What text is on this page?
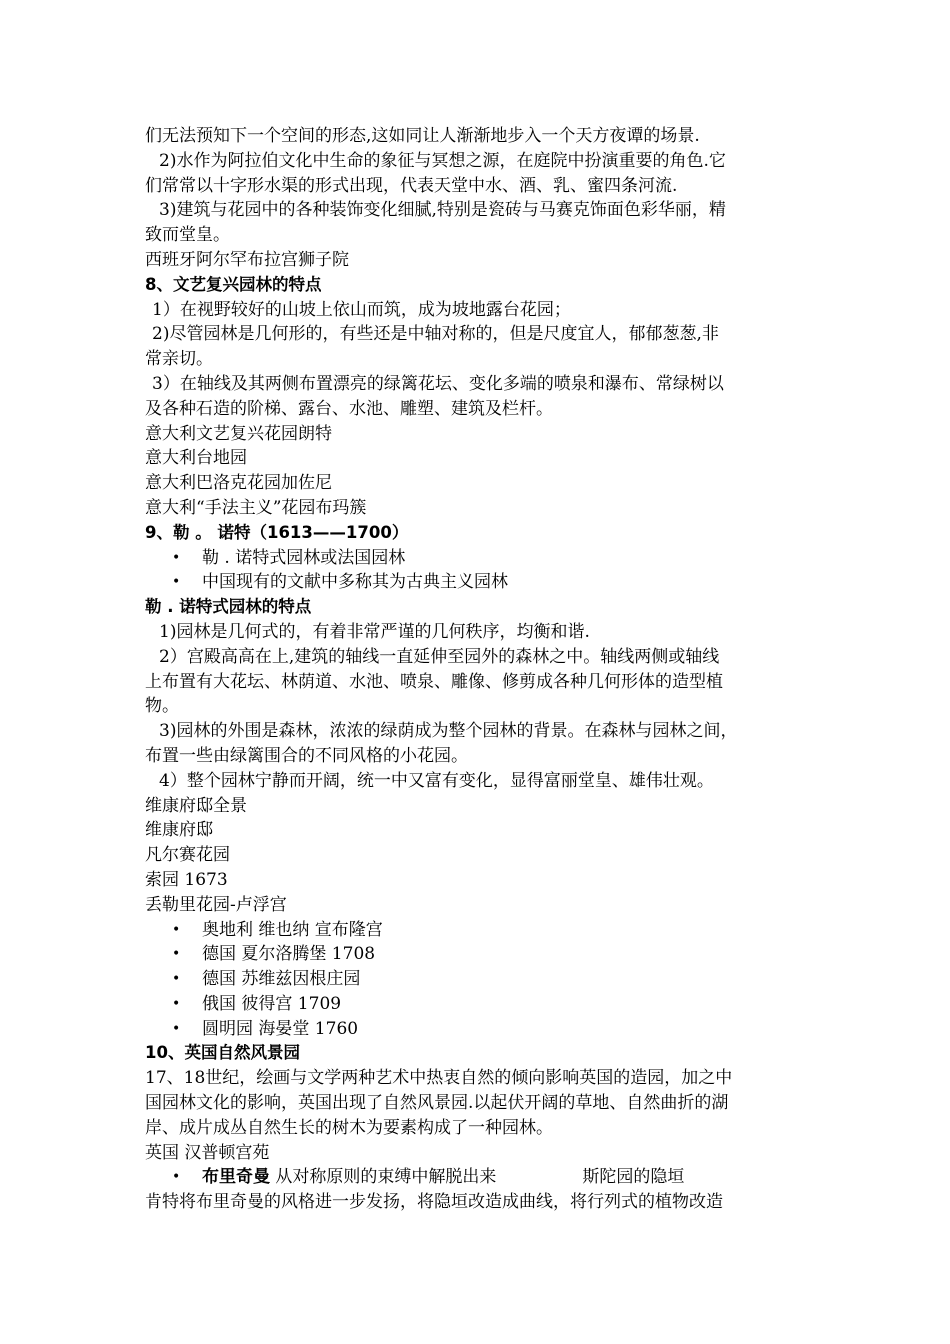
们无法预知下一个空间的形态,这如同让人渐渐地步入一个天方夜谭的场景.
2)水作为阿拉伯文化中生命的象征与冥想之源，在庭院中扮演重要的角色.它
们常常以十字形水渠的形式出现，代表天堂中水、酒、乳、蜜四条河流.
3)建筑与花园中的各种装饰变化细腻,特别是瓷砖与马赛克饰面色彩华丽，精
致而堂皇。
西班牙阿尔罕布拉宫狮子院
8、文艺复兴园林的特点
1）在视野较好的山坡上依山而筑，成为坡地露台花园；
2)尽管园林是几何形的，有些还是中轴对称的，但是尺度宜人，郁郁葱葱,非
常亲切。
3）在轴线及其两侧布置漂亮的绿篱花坛、变化多端的喷泉和瀑布、常绿树以
及各种石造的阶梯、露台、水池、雕塑、建筑及栏杆。
意大利文艺复兴花园朗特
意大利台地园
意大利巴洛克花园加佐尼
意大利“手法主义”花园布玛簇
9、勒 。 诺特（1613——1700）
• 勒 . 诺特式园林或法国园林
• 中国现有的文献中多称其为古典主义园林
勒 . 诺特式园林的特点
1)园林是几何式的，有着非常严谨的几何秩序，均衡和谐.
2）宫殿高高在上,建筑的轴线一直延伸至园外的森林之中。轴线两侧或轴线
上布置有大花坛、林荫道、水池、喷泉、雕像、修剪成各种几何形体的造型植
物。
3)园林的外围是森林，浓浓的绿荫成为整个园林的背景。在森林与园林之间，
布置一些由绿篱围合的不同风格的小花园。
4）整个园林宁静而开阔，统一中又富有变化，显得富丽堂皇、雄伟壮观。
维康府邸全景
维康府邸
凡尔赛花园
索园 1673
丢勒里花园-卢浮宫
• 奥地利 维也纳 宣布隆宫
• 德国 夏尔洛腾堡 1708
• 德国 苏维兹因根庄园
• 俄国 彼得宫 1709
• 圆明园 海晏堂 1760
10、英国自然风景园
17、18世纪，绘画与文学两种艺术中热衷自然的倾向影响英国的造园，加之中
国园林文化的影响，英国出现了自然风景园.以起伏开阔的草地、自然曲折的湖
岸、成片成丛自然生长的树木为要素构成了一种园林。
英国 汉普顿宫苑
• 布里奇曼 从对称原则的束缚中解脱出来	斯陀园的隐垣
肯特将布里奇曼的风格进一步发扬，将隐垣改造成曲线，将行列式的植物改造
